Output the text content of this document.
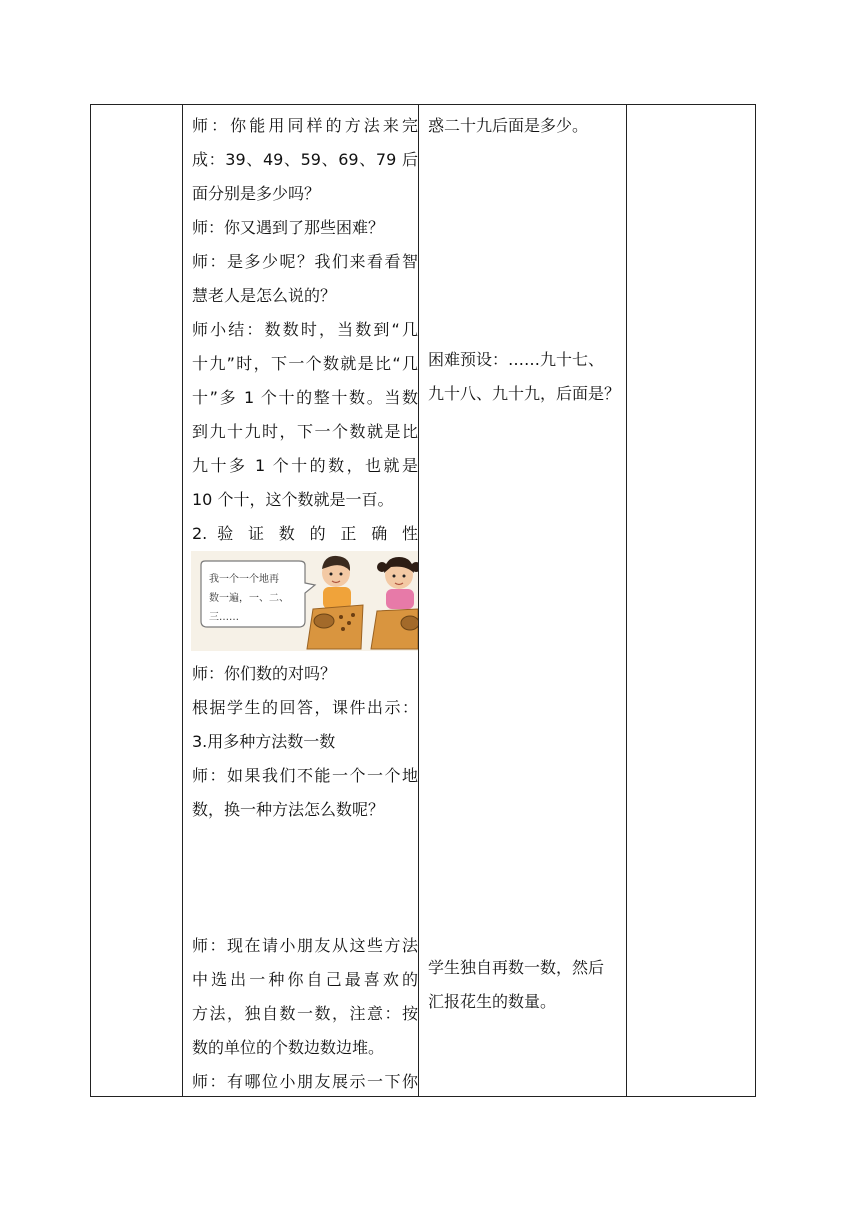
师：你能用同样的方法来完
成：39、49、59、69、79 后
面分别是多少吗？
师：你又遇到了那些困难？
师：是多少呢？我们来看看智
慧老人是怎么说的？
师小结：数数时，当数到“几
十九”时，下一个数就是比“几
十”多 1 个十的整十数。当数
到九十九时，下一个数就是比
九十多 1 个十的数，也就是
10 个十，这个数就是一百。
2. 验 证 数 的 正 确 性
我一个一个地再
数一遍，一、二、
三……
师：你们数的对吗？
根据学生的回答，课件出示：
3.用多种方法数一数
师：如果我们不能一个一个地
数，换一种方法怎么数呢？
师：现在请小朋友从这些方法
中选出一种你自己最喜欢的
方法，独自数一数，注意：按
数的单位的个数边数边堆。
师：有哪位小朋友展示一下你
惑二十九后面是多少。
困难预设：……九十七、
九十八、九十九，后面是？
学生独自再数一数，然后
汇报花生的数量。
